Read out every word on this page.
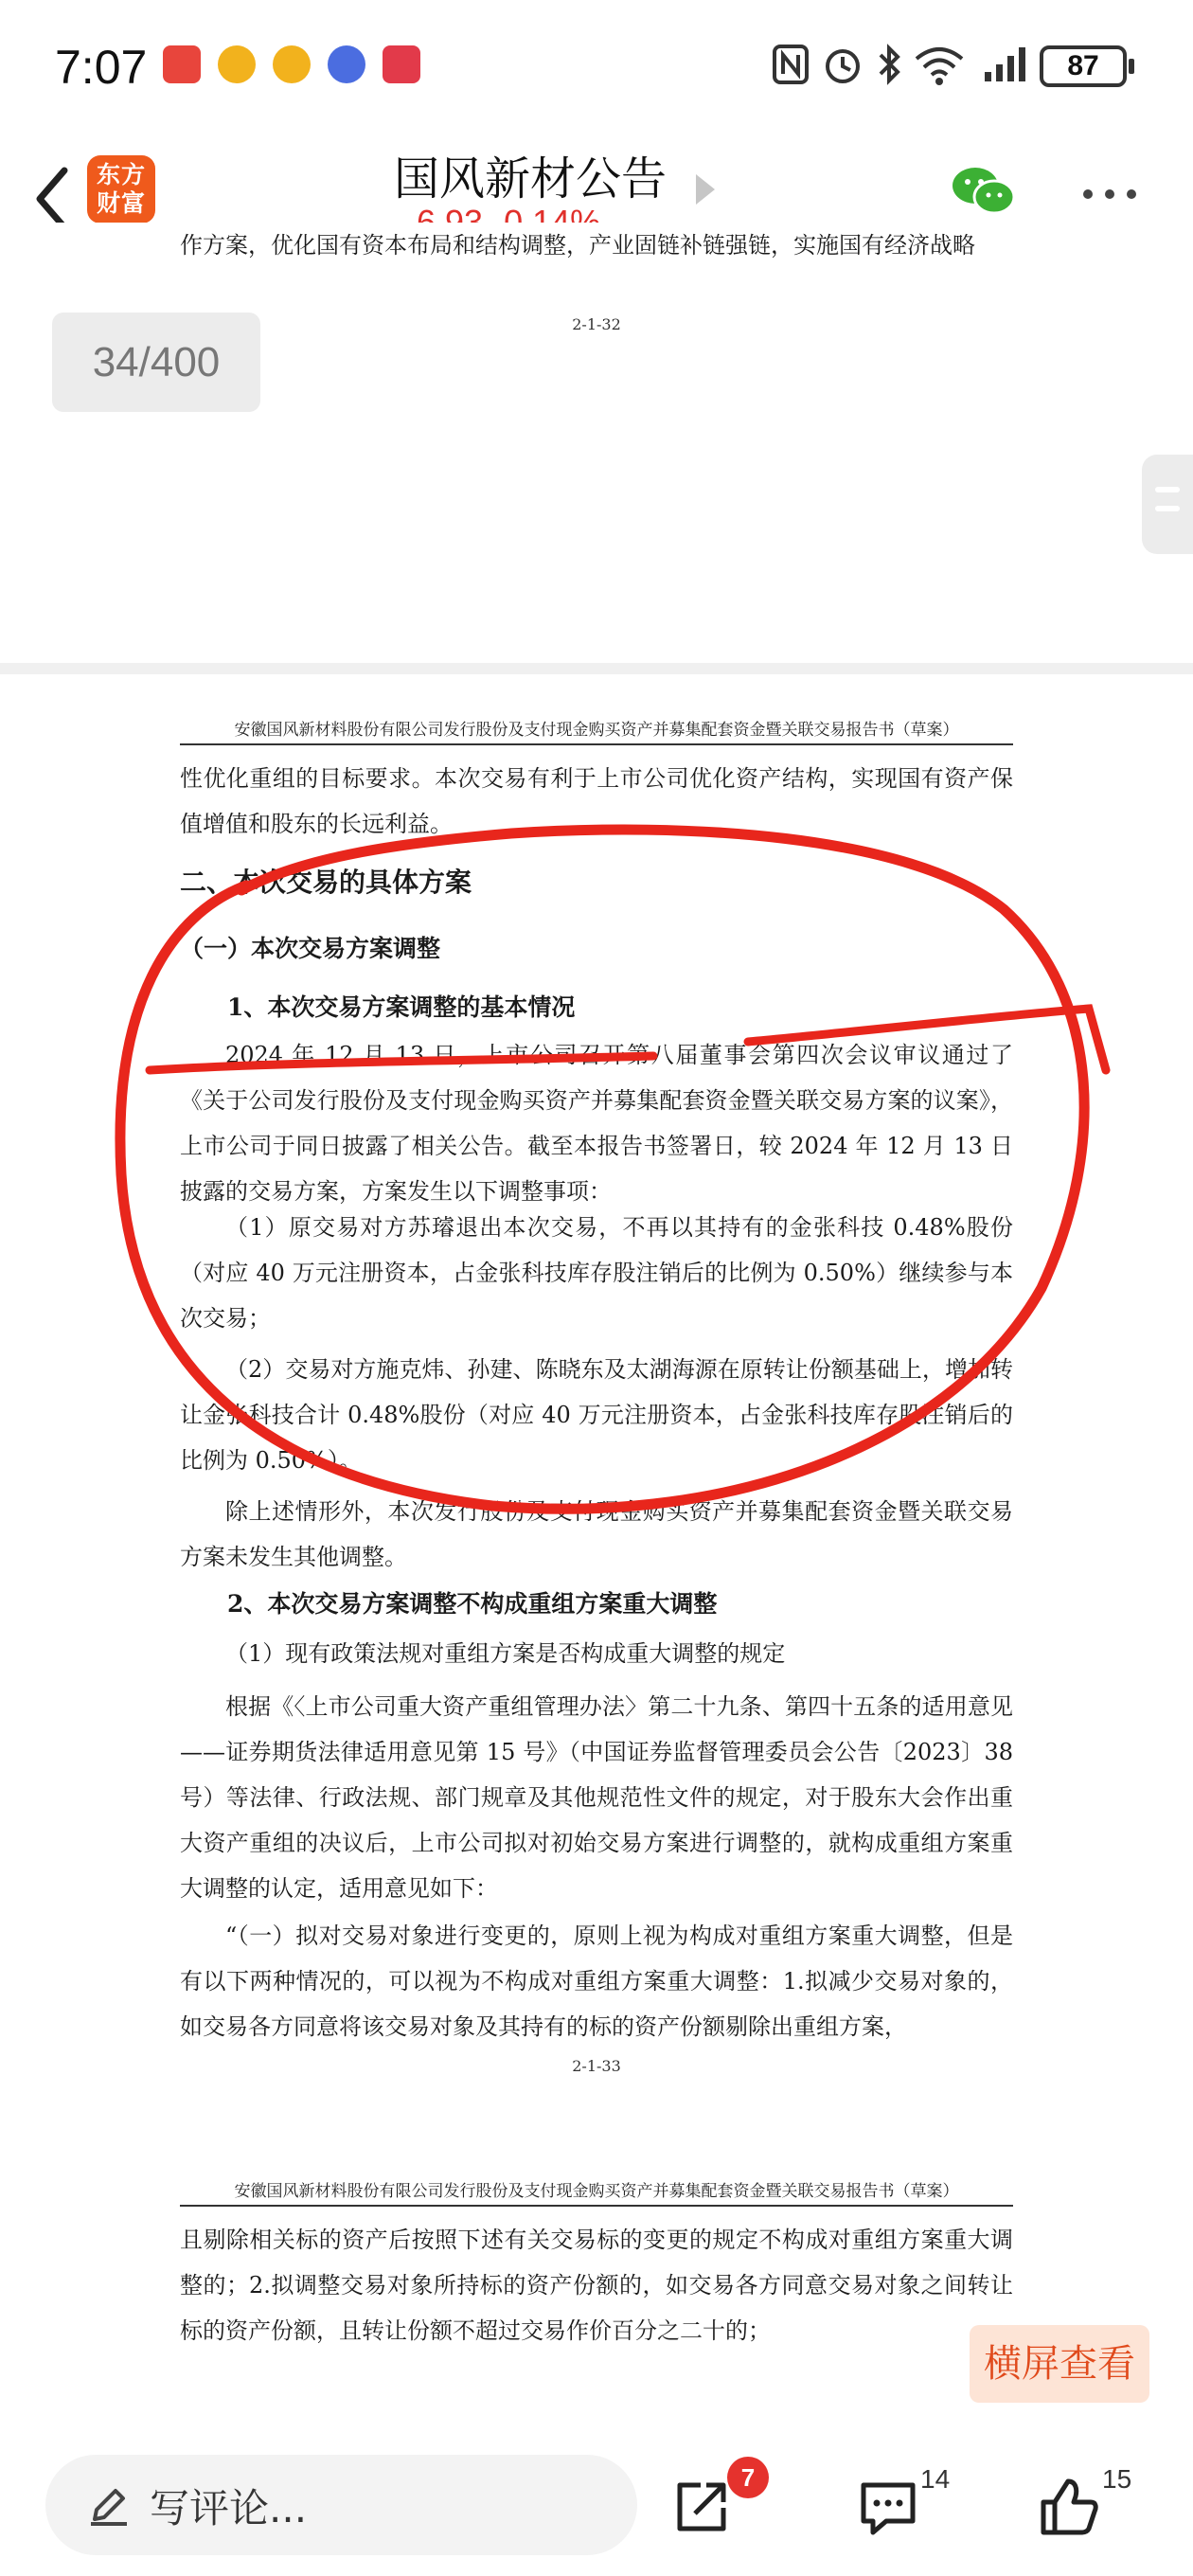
7:07	87
东方
财富	国风新材公告
作方案，优化国有资本布局和结构调整，产业固链补链强链，实施国有经济战略
2-1-32
安徽国风新材料股份有限公司发行股份及支付现金购买资产并募集配套资金暨关联交易报告书（草案）
性优化重组的目标要求。本次交易有利于上市公司优化资产结构，实现国有资产保值增值和股东的长远利益。
二、本次交易的具体方案
（一）本次交易方案调整
1、本次交易方案调整的基本情况
2024 年 12 月 13 日，上市公司召开第八届董事会第四次会议审议通过了《关于公司发行股份及支付现金购买资产并募集配套资金暨关联交易方案的议案》，上市公司于同日披露了相关公告。截至本报告书签署日，较 2024 年 12 月 13 日披露的交易方案，方案发生以下调整事项：
（1）原交易对方苏璿退出本次交易，不再以其持有的金张科技 0.48%股份（对应 40 万元注册资本，占金张科技库存股注销后的比例为 0.50%）继续参与本次交易；
（2）交易对方施克炜、孙建、陈晓东及太湖海源在原转让份额基础上，增加转让金张科技合计 0.48%股份（对应 40 万元注册资本，占金张科技库存股注销后的比例为 0.50%）。
除上述情形外，本次发行股份及支付现金购买资产并募集配套资金暨关联交易方案未发生其他调整。
2、本次交易方案调整不构成重组方案重大调整
（1）现有政策法规对重组方案是否构成重大调整的规定
根据《〈上市公司重大资产重组管理办法〉第二十九条、第四十五条的适用意见——证券期货法律适用意见第 15 号》（中国证券监督管理委员会公告〔2023〕38 号）等法律、行政法规、部门规章及其他规范性文件的规定，对于股东大会作出重大资产重组的决议后，上市公司拟对初始交易方案进行调整的，就构成重组方案重大调整的认定，适用意见如下：
“（一）拟对交易对象进行变更的，原则上视为构成对重组方案重大调整，但是有以下两种情况的，可以视为不构成对重组方案重大调整：1.拟减少交易对象的，如交易各方同意将该交易对象及其持有的标的资产份额剔除出重组方案，
2-1-33
安徽国风新材料股份有限公司发行股份及支付现金购买资产并募集配套资金暨关联交易报告书（草案）
且剔除相关标的资产后按照下述有关交易标的变更的规定不构成对重组方案重大调整的；2.拟调整交易对象所持标的资产份额的，如交易各方同意交易对象之间转让标的资产份额，且转让份额不超过交易作价百分之二十的；
34/400
横屏查看
写评论...
7	14	15
